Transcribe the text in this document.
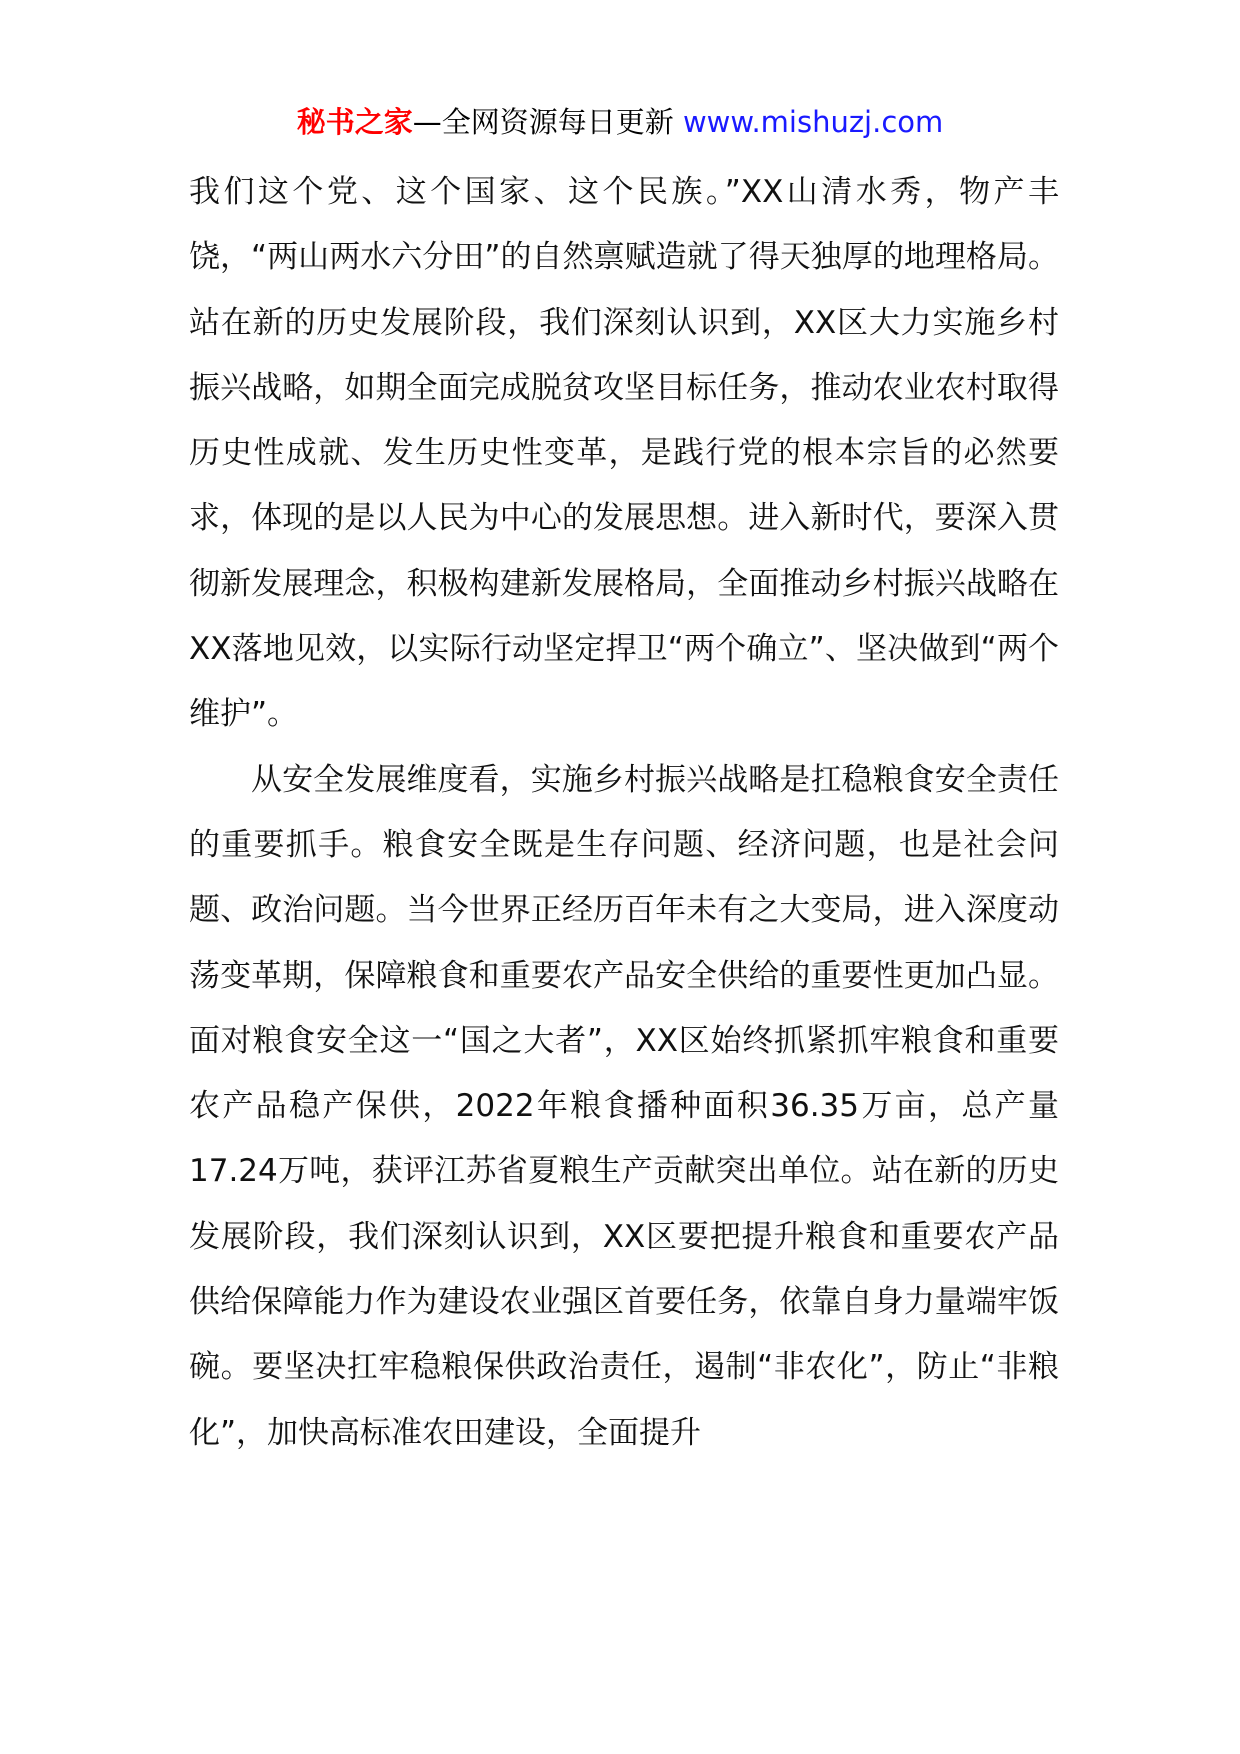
秘书之家—全网资源每日更新 www.mishuzj.com

我们这个党、这个国家、这个民族。”XX山清水秀，物产丰饶，“两山两水六分田”的自然禀赋造就了得天独厚的地理格局。站在新的历史发展阶段，我们深刻认识到，XX区大力实施乡村振兴战略，如期全面完成脱贫攻坚目标任务，推动农业农村取得历史性成就、发生历史性变革，是践行党的根本宗旨的必然要求，体现的是以人民为中心的发展思想。进入新时代，要深入贯彻新发展理念，积极构建新发展格局，全面推动乡村振兴战略在XX落地见效，以实际行动坚定捍卫“两个确立”、坚决做到“两个维护”。

从安全发展维度看，实施乡村振兴战略是扛稳粮食安全责任的重要抓手。粮食安全既是生存问题、经济问题，也是社会问题、政治问题。当今世界正经历百年未有之大变局，进入深度动荡变革期，保障粮食和重要农产品安全供给的重要性更加凸显。面对粮食安全这一“国之大者”，XX区始终抓紧抓牢粮食和重要农产品稳产保供，2022年粮食播种面积36.35万亩，总产量17.24万吨，获评江苏省夏粮生产贡献突出单位。站在新的历史发展阶段，我们深刻认识到，XX区要把提升粮食和重要农产品供给保障能力作为建设农业强区首要任务，依靠自身力量端牢饭碗。要坚决扛牢稳粮保供政治责任，遏制“非农化”，防止“非粮化”，加快高标准农田建设，全面提升
